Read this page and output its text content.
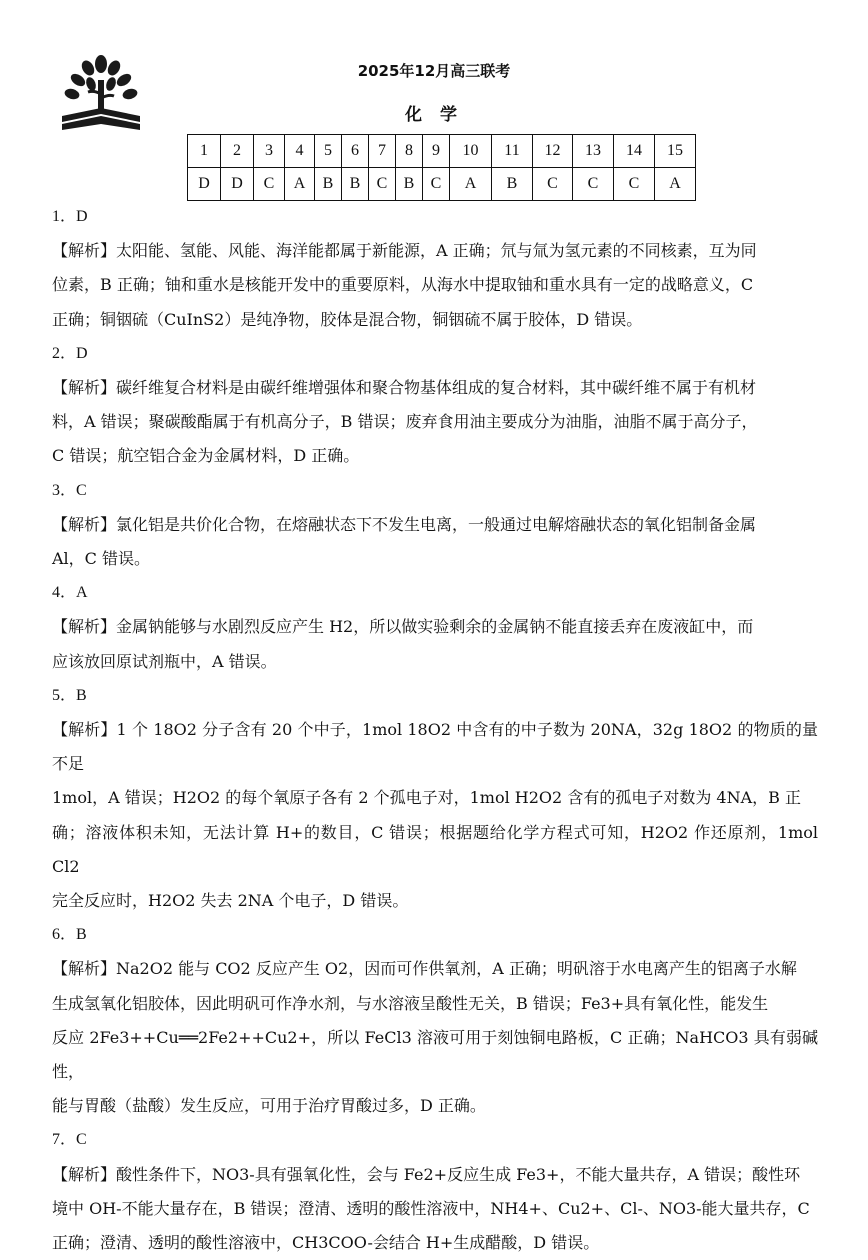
2025年12月高三联考
化 学
1	2	3	4	5	6	7	8	9	10	11	12	13	14	15
D	D	C	A	B	B	C	B	C	A	B	C	C	C	A

1．D

【解析】太阳能、氢能、风能、海洋能都属于新能源，A 正确；氘与氚为氢元素的不同核素，互为同

位素，B 正确；铀和重水是核能开发中的重要原料，从海水中提取铀和重水具有一定的战略意义，C

正确；铜铟硫（CuInS2）是纯净物，胶体是混合物，铜铟硫不属于胶体，D 错误。

2．D

【解析】碳纤维复合材料是由碳纤维增强体和聚合物基体组成的复合材料，其中碳纤维不属于有机材

料，A 错误；聚碳酸酯属于有机高分子，B 错误；废弃食用油主要成分为油脂，油脂不属于高分子，

C 错误；航空铝合金为金属材料，D 正确。

3．C

【解析】氯化铝是共价化合物，在熔融状态下不发生电离，一般通过电解熔融状态的氧化铝制备金属

Al，C 错误。

4．A

【解析】金属钠能够与水剧烈反应产生 H2，所以做实验剩余的金属钠不能直接丢弃在废液缸中，而

应该放回原试剂瓶中，A 错误。

5．B

【解析】1 个 18O2 分子含有 20 个中子，1mol 18O2 中含有的中子数为 20NA，32g 18O2 的物质的量不足

1mol，A 错误；H2O2 的每个氧原子各有 2 个孤电子对，1mol H2O2 含有的孤电子对数为 4NA，B 正

确；溶液体积未知，无法计算 H+的数目，C 错误；根据题给化学方程式可知，H2O2 作还原剂，1mol Cl2

完全反应时，H2O2 失去 2NA 个电子，D 错误。

6．B

【解析】Na2O2 能与 CO2 反应产生 O2，因而可作供氧剂，A 正确；明矾溶于水电离产生的铝离子水解

生成氢氧化铝胶体，因此明矾可作净水剂，与水溶液呈酸性无关，B 错误；Fe3+具有氧化性，能发生

反应 2Fe3++Cu══2Fe2++Cu2+，所以 FeCl3 溶液可用于刻蚀铜电路板，C 正确；NaHCO3 具有弱碱性，

能与胃酸（盐酸）发生反应，可用于治疗胃酸过多，D 正确。

7．C

【解析】酸性条件下，NO3-具有强氧化性，会与 Fe2+反应生成 Fe3+，不能大量共存，A 错误；酸性环

境中 OH-不能大量存在，B 错误；澄清、透明的酸性溶液中，NH4+、Cu2+、Cl-、NO3-能大量共存，C

正确；澄清、透明的酸性溶液中，CH3COO-会结合 H+生成醋酸，D 错误。
